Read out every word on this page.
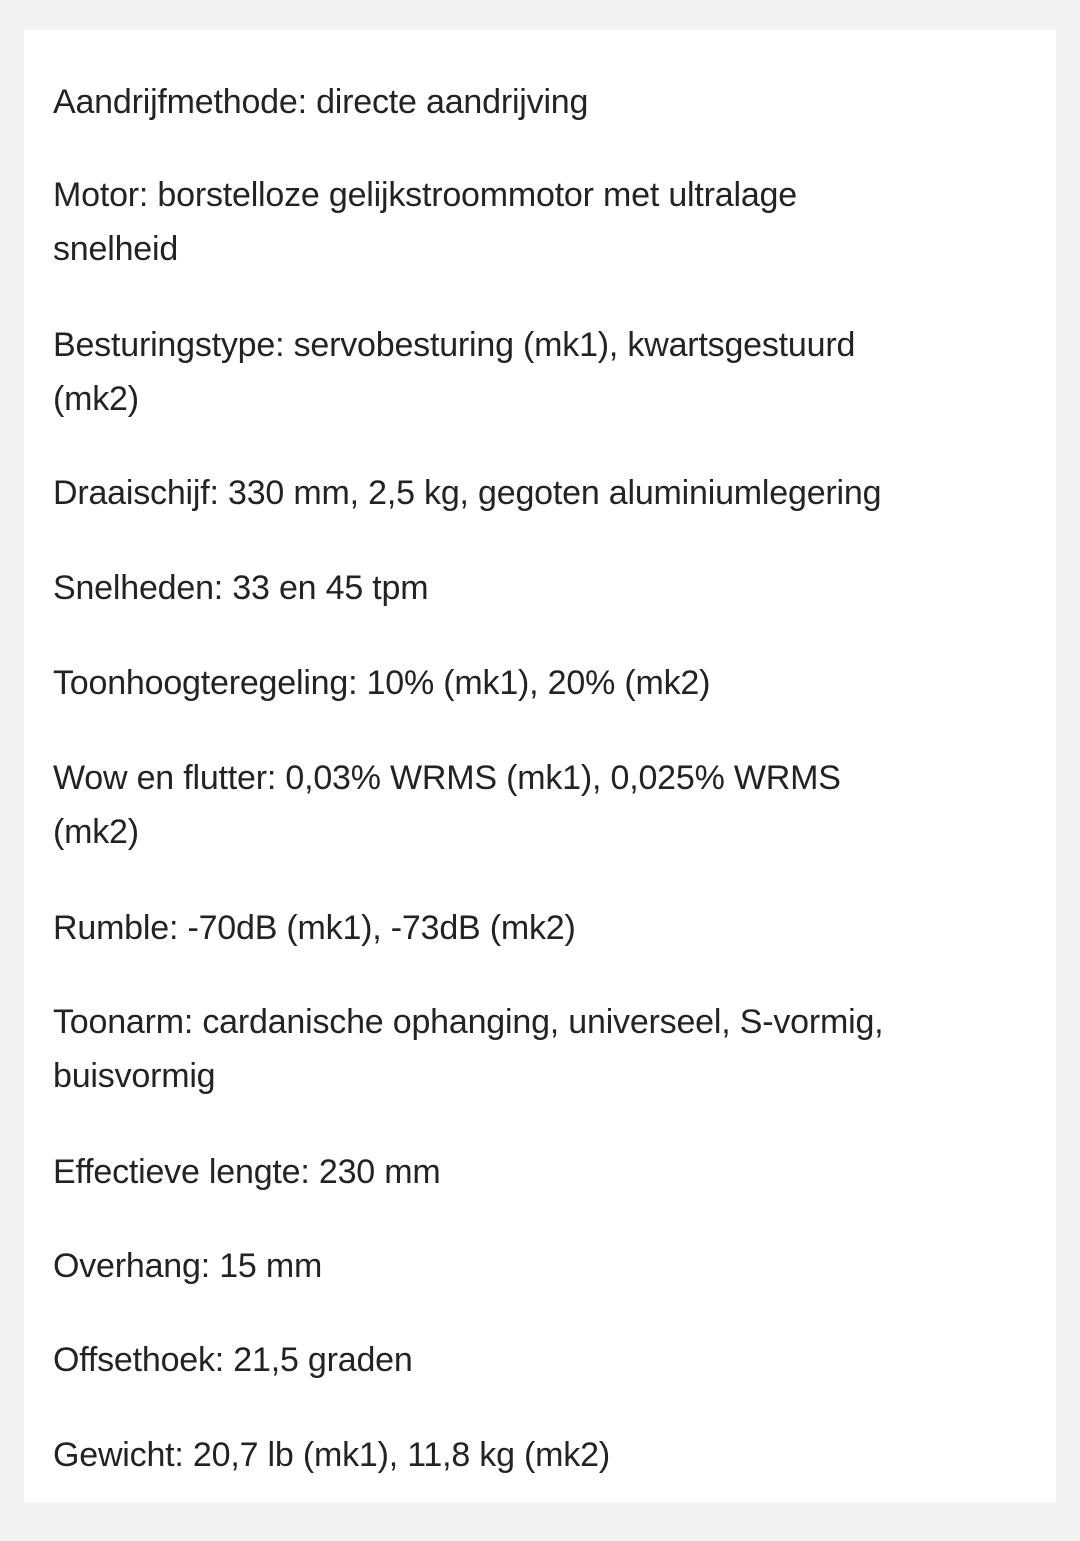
Aandrijfmethode: directe aandrijving

Motor: borstelloze gelijkstroommotor met ultralage

snelheid

Besturingstype: servobesturing (mk1), kwartsgestuurd

(mk2)

Draaischijf: 330 mm, 2,5 kg, gegoten aluminiumlegering

Snelheden: 33 en 45 tpm

Toonhoogteregeling: 10% (mk1), 20% (mk2)

Wow en flutter: 0,03% WRMS (mk1), 0,025% WRMS

(mk2)

Rumble: -70dB (mk1), -73dB (mk2)

Toonarm: cardanische ophanging, universeel, S-vormig,

buisvormig

Effectieve lengte: 230 mm

Overhang: 15 mm

Offsethoek: 21,5 graden

Gewicht: 20,7 lb (mk1), 11,8 kg (mk2)
